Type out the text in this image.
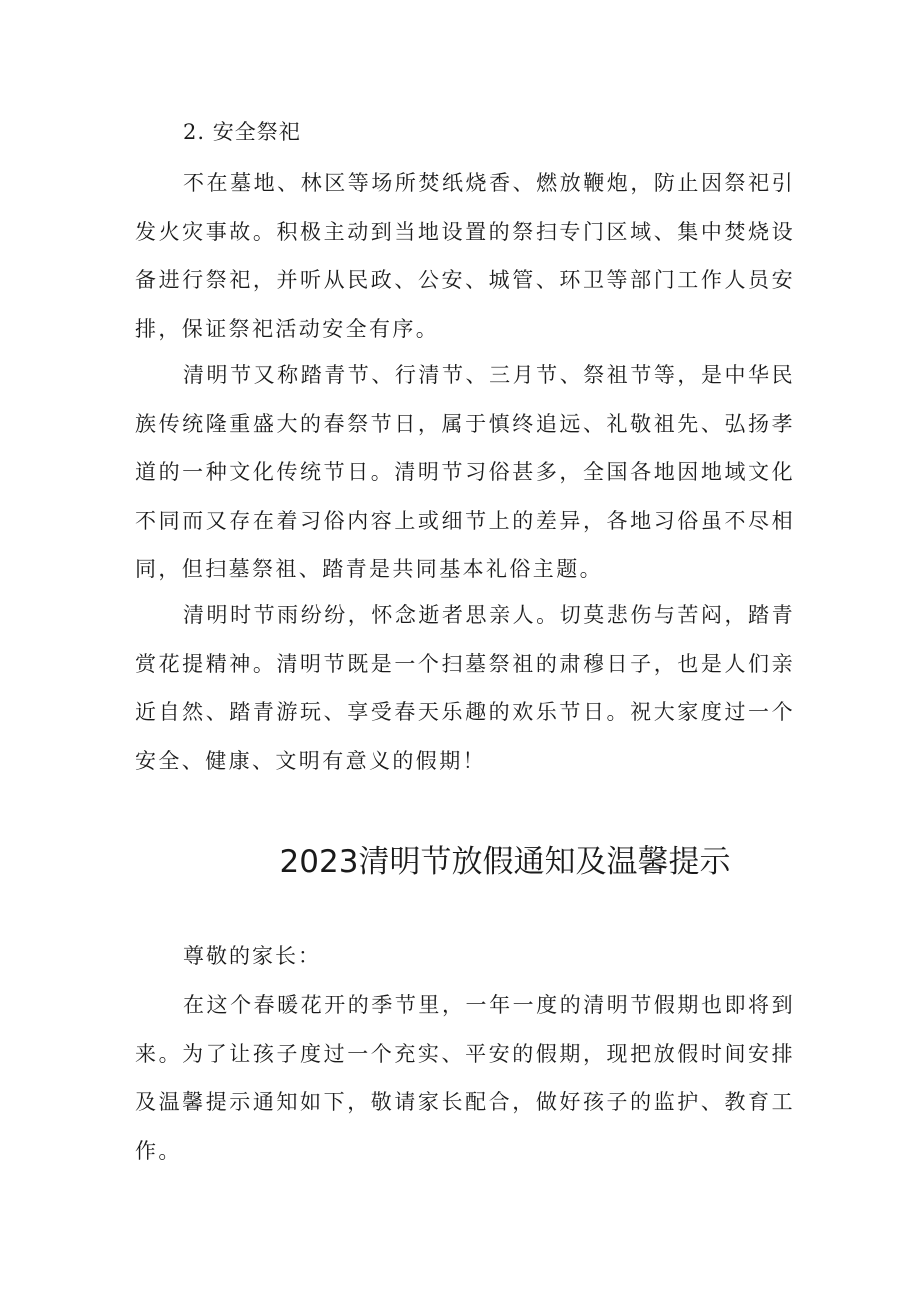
2. 安全祭祀

不在墓地、林区等场所焚纸烧香、燃放鞭炮，防止因祭祀引发火灾事故。积极主动到当地设置的祭扫专门区域、集中焚烧设备进行祭祀，并听从民政、公安、城管、环卫等部门工作人员安排，保证祭祀活动安全有序。

清明节又称踏青节、行清节、三月节、祭祖节等，是中华民族传统隆重盛大的春祭节日，属于慎终追远、礼敬祖先、弘扬孝道的一种文化传统节日。清明节习俗甚多，全国各地因地域文化不同而又存在着习俗内容上或细节上的差异，各地习俗虽不尽相同，但扫墓祭祖、踏青是共同基本礼俗主题。

清明时节雨纷纷，怀念逝者思亲人。切莫悲伤与苦闷，踏青赏花提精神。清明节既是一个扫墓祭祖的肃穆日子，也是人们亲近自然、踏青游玩、享受春天乐趣的欢乐节日。祝大家度过一个安全、健康、文明有意义的假期！

2023清明节放假通知及温馨提示
尊敬的家长：

在这个春暖花开的季节里，一年一度的清明节假期也即将到来。为了让孩子度过一个充实、平安的假期，现把放假时间安排及温馨提示通知如下，敬请家长配合，做好孩子的监护、教育工作。
